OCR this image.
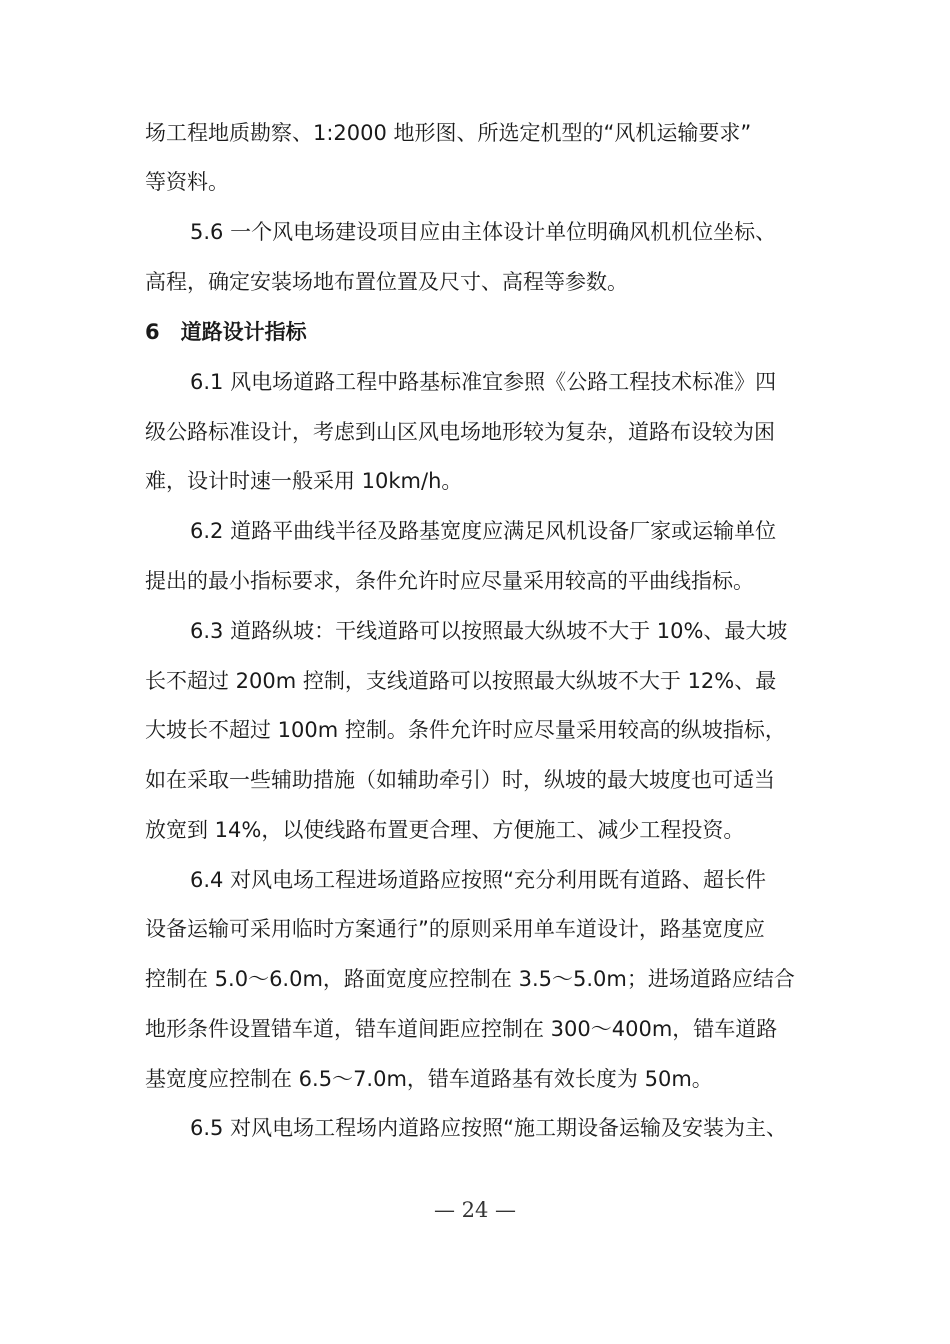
场工程地质勘察、1:2000 地形图、所选定机型的“风机运输要求”
等资料。
5.6 一个风电场建设项目应由主体设计单位明确风机机位坐标、
高程，确定安装场地布置位置及尺寸、高程等参数。
6　道路设计指标
6.1 风电场道路工程中路基标准宜参照《公路工程技术标准》四
级公路标准设计，考虑到山区风电场地形较为复杂，道路布设较为困
难，设计时速一般采用 10km/h。
6.2 道路平曲线半径及路基宽度应满足风机设备厂家或运输单位
提出的最小指标要求，条件允许时应尽量采用较高的平曲线指标。
6.3 道路纵坡：干线道路可以按照最大纵坡不大于 10%、最大坡
长不超过 200m 控制，支线道路可以按照最大纵坡不大于 12%、最
大坡长不超过 100m 控制。条件允许时应尽量采用较高的纵坡指标，
如在采取一些辅助措施（如辅助牵引）时，纵坡的最大坡度也可适当
放宽到 14%，以使线路布置更合理、方便施工、减少工程投资。
6.4 对风电场工程进场道路应按照“充分利用既有道路、超长件
设备运输可采用临时方案通行”的原则采用单车道设计，路基宽度应
控制在 5.0～6.0m，路面宽度应控制在 3.5～5.0m；进场道路应结合
地形条件设置错车道，错车道间距应控制在 300～400m，错车道路
基宽度应控制在 6.5～7.0m，错车道路基有效长度为 50m。
6.5 对风电场工程场内道路应按照“施工期设备运输及安装为主、
— 24 —
